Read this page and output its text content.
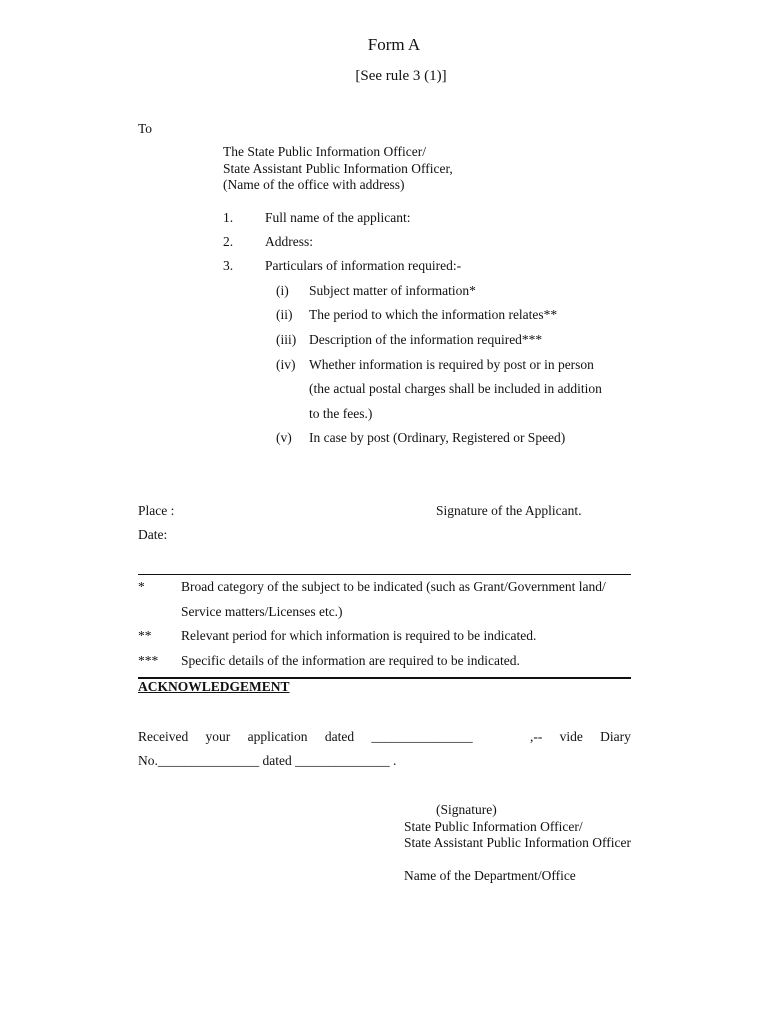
Form A
[See rule 3 (1)]
To
The State Public Information Officer/
State Assistant Public Information Officer,
(Name of the office with address)
1. Full name of the applicant:
2. Address:
3. Particulars of information required:-
(i) Subject matter of information*
(ii) The period to which the information relates**
(iii) Description of the information required***
(iv) Whether information is required by post or in person
(the actual postal charges shall be included in addition
to the fees.)
(v) In case by post (Ordinary, Registered or Speed)
Place :	Signature of the Applicant.
Date:
*	Broad category of the subject to be indicated (such as Grant/Government land/
Service matters/Licenses etc.)
** Relevant period for which information is required to be indicated.
*** Specific details of the information are required to be indicated.
ACKNOWLEDGEMENT
Received your application dated _______________	,-- vide Diary
No._______________ dated ______________ .
(Signature)
State Public Information Officer/
State Assistant Public Information Officer
Name of the Department/Office
